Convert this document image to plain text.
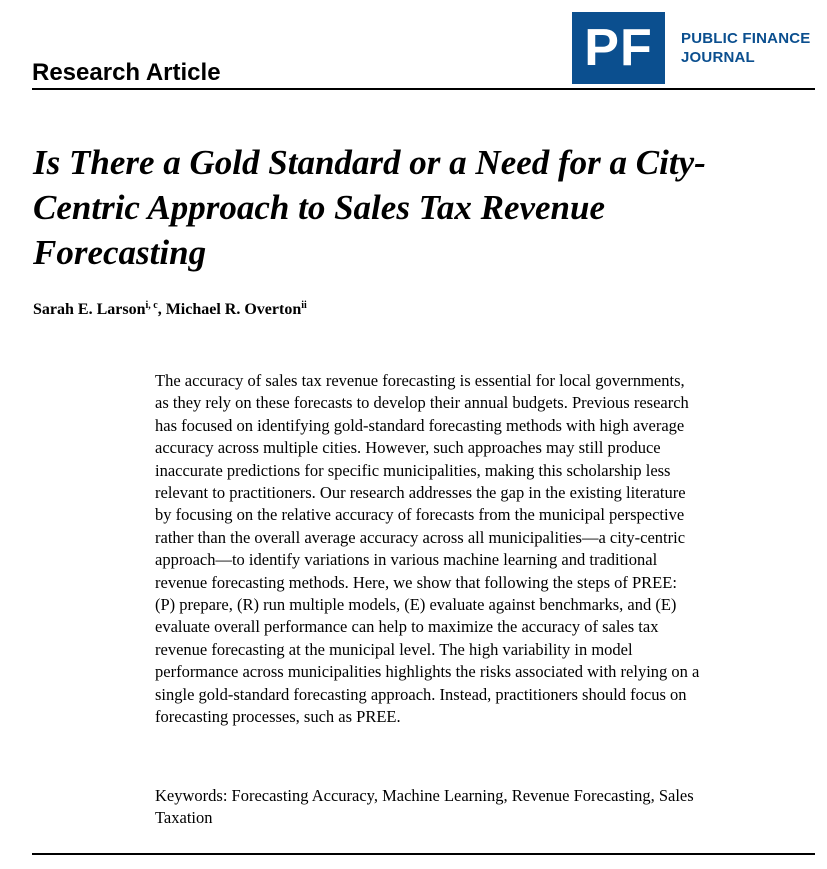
Research Article	PF	PUBLIC FINANCE
JOURNAL
Is There a Gold Standard or a Need for a City-
Centric Approach to Sales Tax Revenue
Forecasting
Sarah E. Larson$^{i, c}$, Michael R. Overton$^{ii}$
The accuracy of sales tax revenue forecasting is essential for local governments,
as they rely on these forecasts to develop their annual budgets. Previous research
has focused on identifying gold-standard forecasting methods with high average
accuracy across multiple cities. However, such approaches may still produce
inaccurate predictions for specific municipalities, making this scholarship less
relevant to practitioners. Our research addresses the gap in the existing literature
by focusing on the relative accuracy of forecasts from the municipal perspective
rather than the overall average accuracy across all municipalities—a city-centric
approach—to identify variations in various machine learning and traditional
revenue forecasting methods. Here, we show that following the steps of PREE:
(P) prepare, (R) run multiple models, (E) evaluate against benchmarks, and (E)
evaluate overall performance can help to maximize the accuracy of sales tax
revenue forecasting at the municipal level. The high variability in model
performance across municipalities highlights the risks associated with relying on a
single gold-standard forecasting approach. Instead, practitioners should focus on
forecasting processes, such as PREE.
Keywords: Forecasting Accuracy, Machine Learning, Revenue Forecasting, Sales
Taxation
